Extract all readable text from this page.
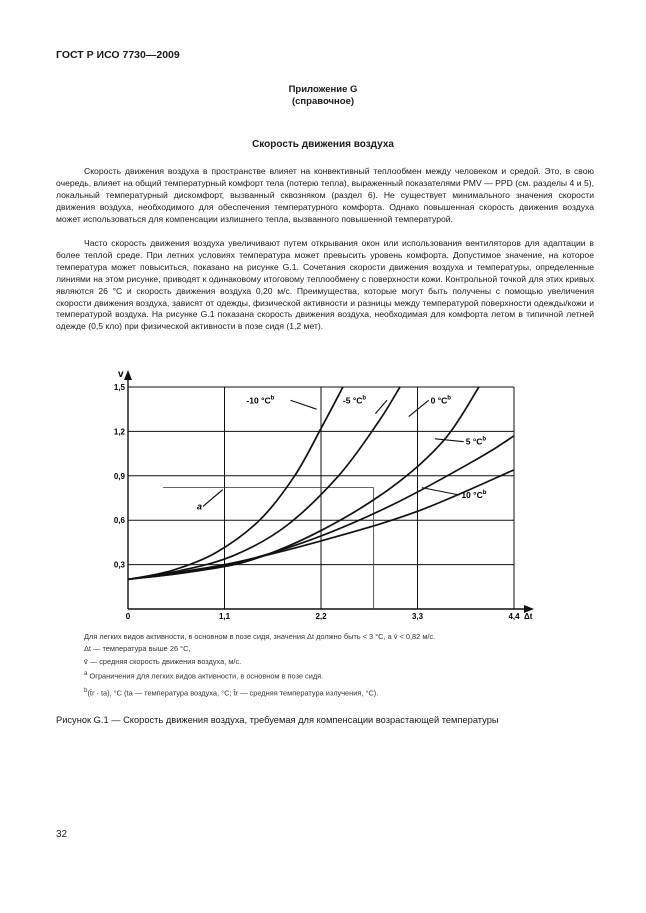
ГОСТ Р ИСО 7730—2009
Приложение G
(справочное)
Скорость движения воздуха

Скорость движения воздуха в пространстве влияет на конвективный теплообмен между человеком и средой. Это, в свою очередь, влияет на общий температурный комфорт тела (потерю тепла), выраженный показателями PMV — PPD (см. разделы 4 и 5), локальный температурный дискомфорт, вызванный сквозняком (раздел 6). Не существует минимального значения скорости движения воздуха, необходимого для обеспечения температурного комфорта. Однако повышенная скорость движения воздуха может использоваться для компенсации излишнего тепла, вызванного повышенной температурой.

Часто скорость движения воздуха увеличивают путем открывания окон или использования вентиляторов для адаптации в более теплой среде. При летних условиях температура может превысить уровень комфорта. Допустимое значение, на которое температура может повыситься, показано на рисунке G.1. Сочетания скорости движения воздуха и температуры, определенные линиями на этом рисунке, приводят к одинаковому итоговому теплообмену с поверхности кожи. Контрольной точкой для этих кривых являются 26 °С и скорость движения воздуха 0,20 м/с. Преимущества, которые могут быть получены с помощью увеличения скорости движения воздуха, зависят от одежды, физической активности и разницы между температурой поверхности одежды/кожи и температурой воздуха. На рисунке G.1 показана скорость движения воздуха, необходимая для комфорта летом в типичной летней одежде (0,5 кло) при физической активности в позе сидя (1,2 мет).

v
Δt
a
0	1,1	2,2	3,3	4,4
0,3
0,6
0,9
1,2
1,5
-10 $^\circ C^b$	-5 $^\circ C^b$	0 $^\circ C^b$
5 $^\circ C^b$
10 $^\circ C^b$
Для легких видов активности, в основном в позе сидя, значения Δt должно быть < 3 °C, а v̄ < 0,82 м/с.
Δt — температура выше 26 °C,
v̄ — средняя скорость движения воздуха, м/с.
$^a$ Ограничения для легких видов активности, в основном в позе сидя.
$^b$(t̄r · ta), °C (ta — температура воздуха, °C; t̄r — средняя температура излучения, °C).
Рисунок G.1 — Скорость движения воздуха, требуемая для компенсации возрастающей температуры
32
